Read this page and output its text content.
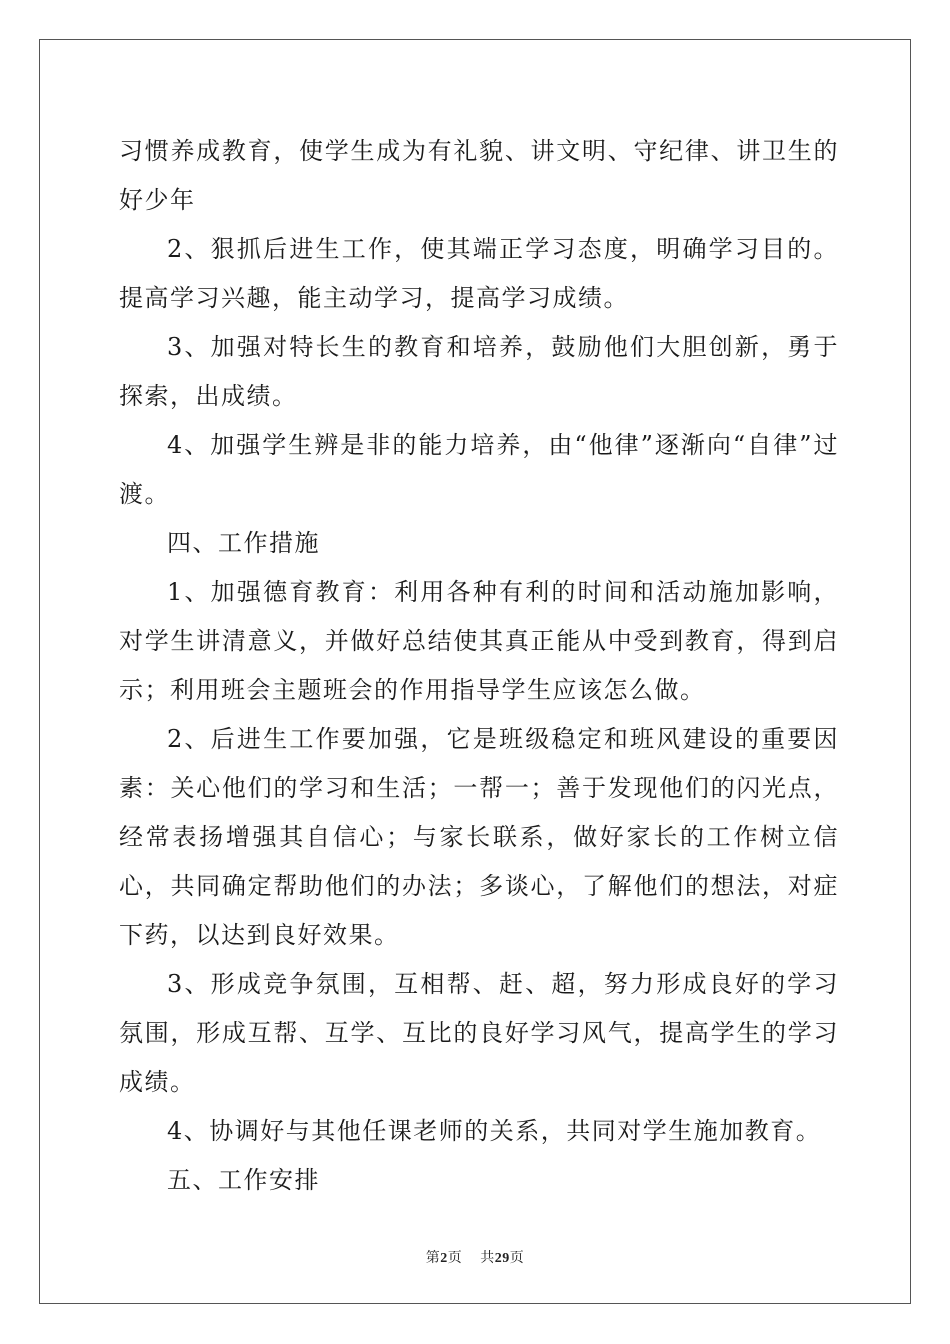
习惯养成教育，使学生成为有礼貌、讲文明、守纪律、讲卫生的好少年

2、狠抓后进生工作，使其端正学习态度，明确学习目的。提高学习兴趣，能主动学习，提高学习成绩。

3、加强对特长生的教育和培养，鼓励他们大胆创新，勇于探索，出成绩。

4、加强学生辨是非的能力培养，由“他律”逐渐向“自律”过渡。

四、工作措施

1、加强德育教育：利用各种有利的时间和活动施加影响，对学生讲清意义，并做好总结使其真正能从中受到教育，得到启示；利用班会主题班会的作用指导学生应该怎么做。

2、后进生工作要加强，它是班级稳定和班风建设的重要因素：关心他们的学习和生活；一帮一；善于发现他们的闪光点，经常表扬增强其自信心；与家长联系，做好家长的工作树立信心，共同确定帮助他们的办法；多谈心，了解他们的想法，对症下药，以达到良好效果。

3、形成竞争氛围，互相帮、赶、超，努力形成良好的学习氛围，形成互帮、互学、互比的良好学习风气，提高学生的学习成绩。

4、协调好与其他任课老师的关系，共同对学生施加教育。

五、工作安排

第2页 共29页
